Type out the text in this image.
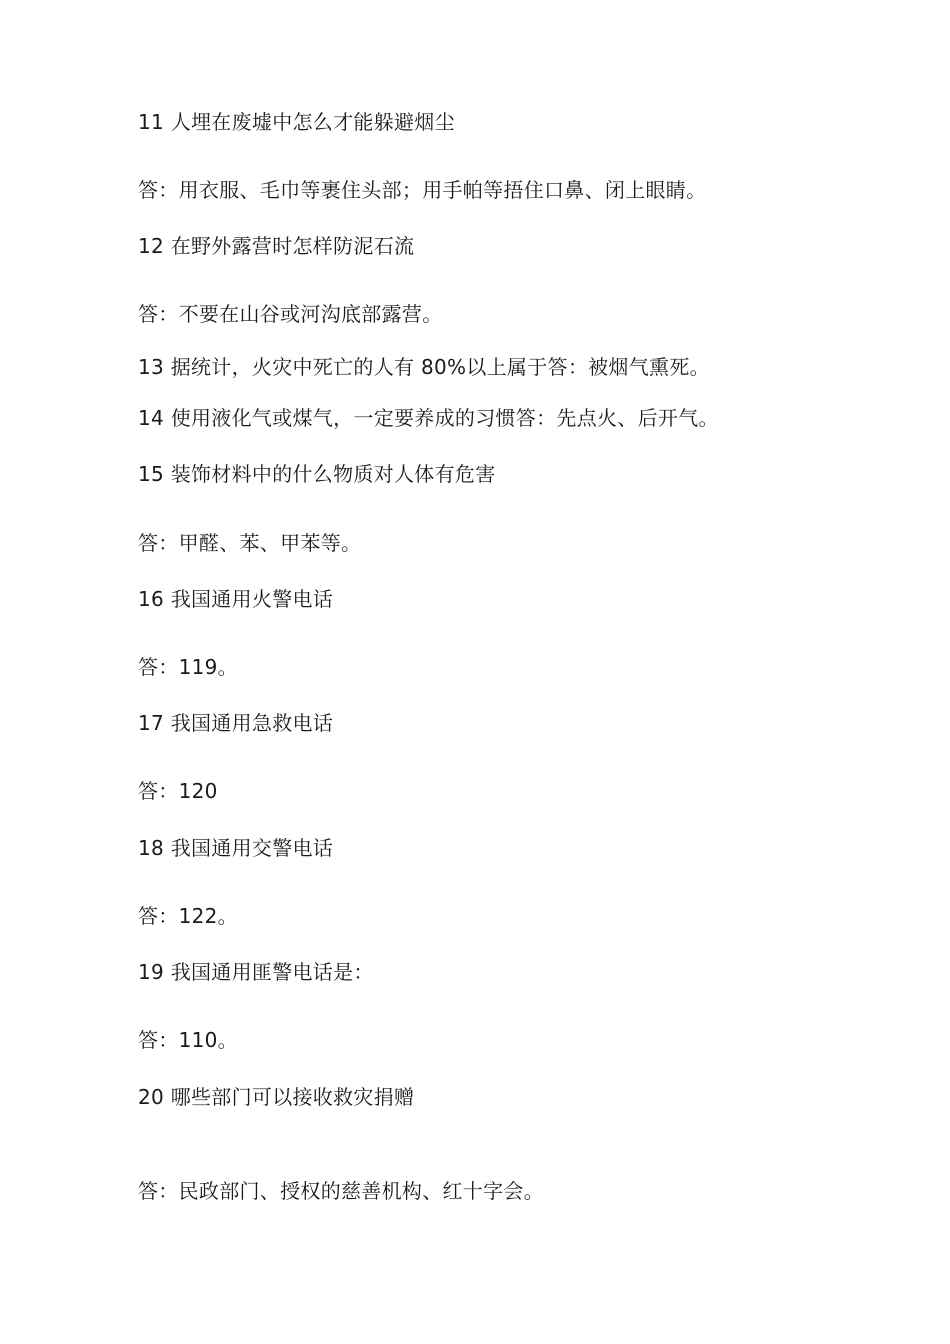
11 人埋在废墟中怎么才能躲避烟尘
答：用衣服、毛巾等裹住头部；用手帕等捂住口鼻、闭上眼睛。
12 在野外露营时怎样防泥石流
答：不要在山谷或河沟底部露营。
13 据统计，火灾中死亡的人有 80%以上属于答：被烟气熏死。
14 使用液化气或煤气，一定要养成的习惯答：先点火、后开气。
15 装饰材料中的什么物质对人体有危害
答：甲醛、苯、甲苯等。
16 我国通用火警电话
答：119。
17 我国通用急救电话
答：120
18 我国通用交警电话
答：122。
19 我国通用匪警电话是：
答：110。
20 哪些部门可以接收救灾捐赠
答：民政部门、授权的慈善机构、红十字会。
